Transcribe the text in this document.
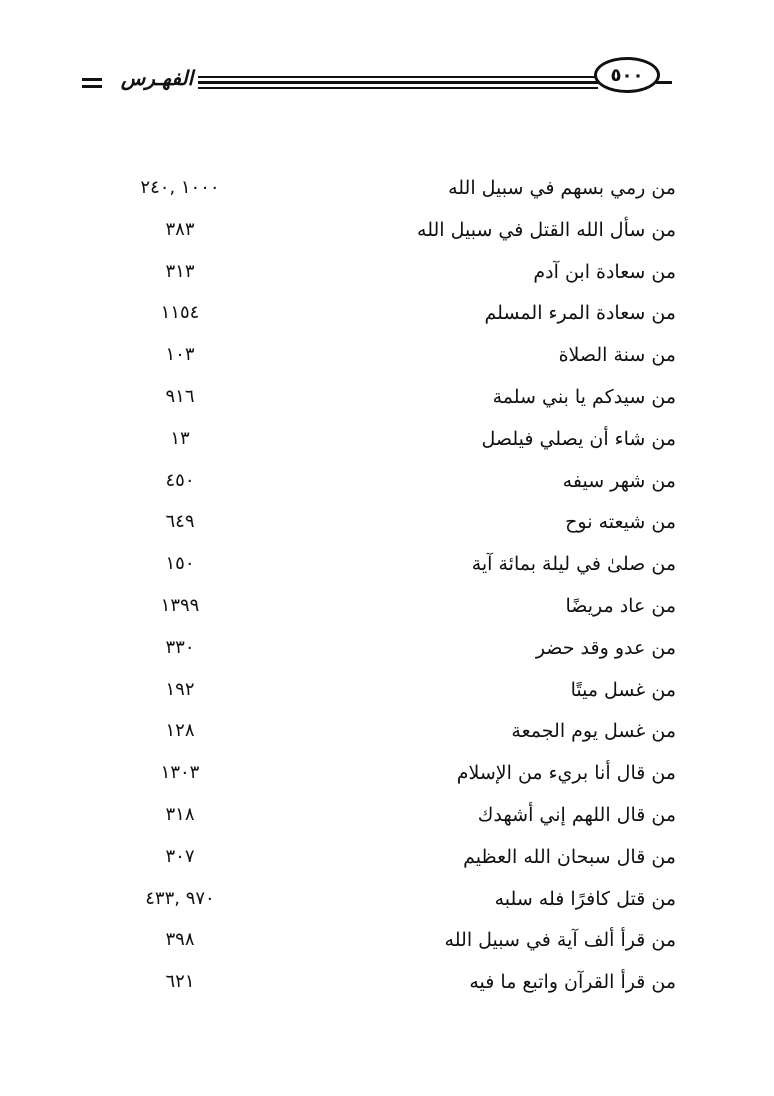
الفهـرس	٥٠٠
من رمي بسهم في سبيل الله
١٠٠٠ ,٢٤٠
من سأل الله القتل في سبيل الله
٣٨٣
من سعادة ابن آدم
٣١٣
من سعادة المرء المسلم
١١٥٤
من سنة الصلاة
١٠٣
من سيدكم يا بني سلمة
٩١٦
من شاء أن يصلي فيلصل
١٣
من شهر سيفه
٤٥٠
من شيعته نوح
٦٤٩
من صلىٰ في ليلة بمائة آية
١٥٠
من عاد مريضًا
١٣٩٩
من عدو وقد حضر
٣٣٠
من غسل ميتًا
١٩٢
من غسل يوم الجمعة
١٢٨
من قال أنا بريء من الإسلام
١٣٠٣
من قال اللهم إني أشهدك
٣١٨
من قال سبحان الله العظيم
٣٠٧
من قتل كافرًا فله سلبه
٩٧٠ ,٤٣٣
من قرأ ألف آية في سبيل الله
٣٩٨
من قرأ القرآن واتبع ما فيه
٦٢١
